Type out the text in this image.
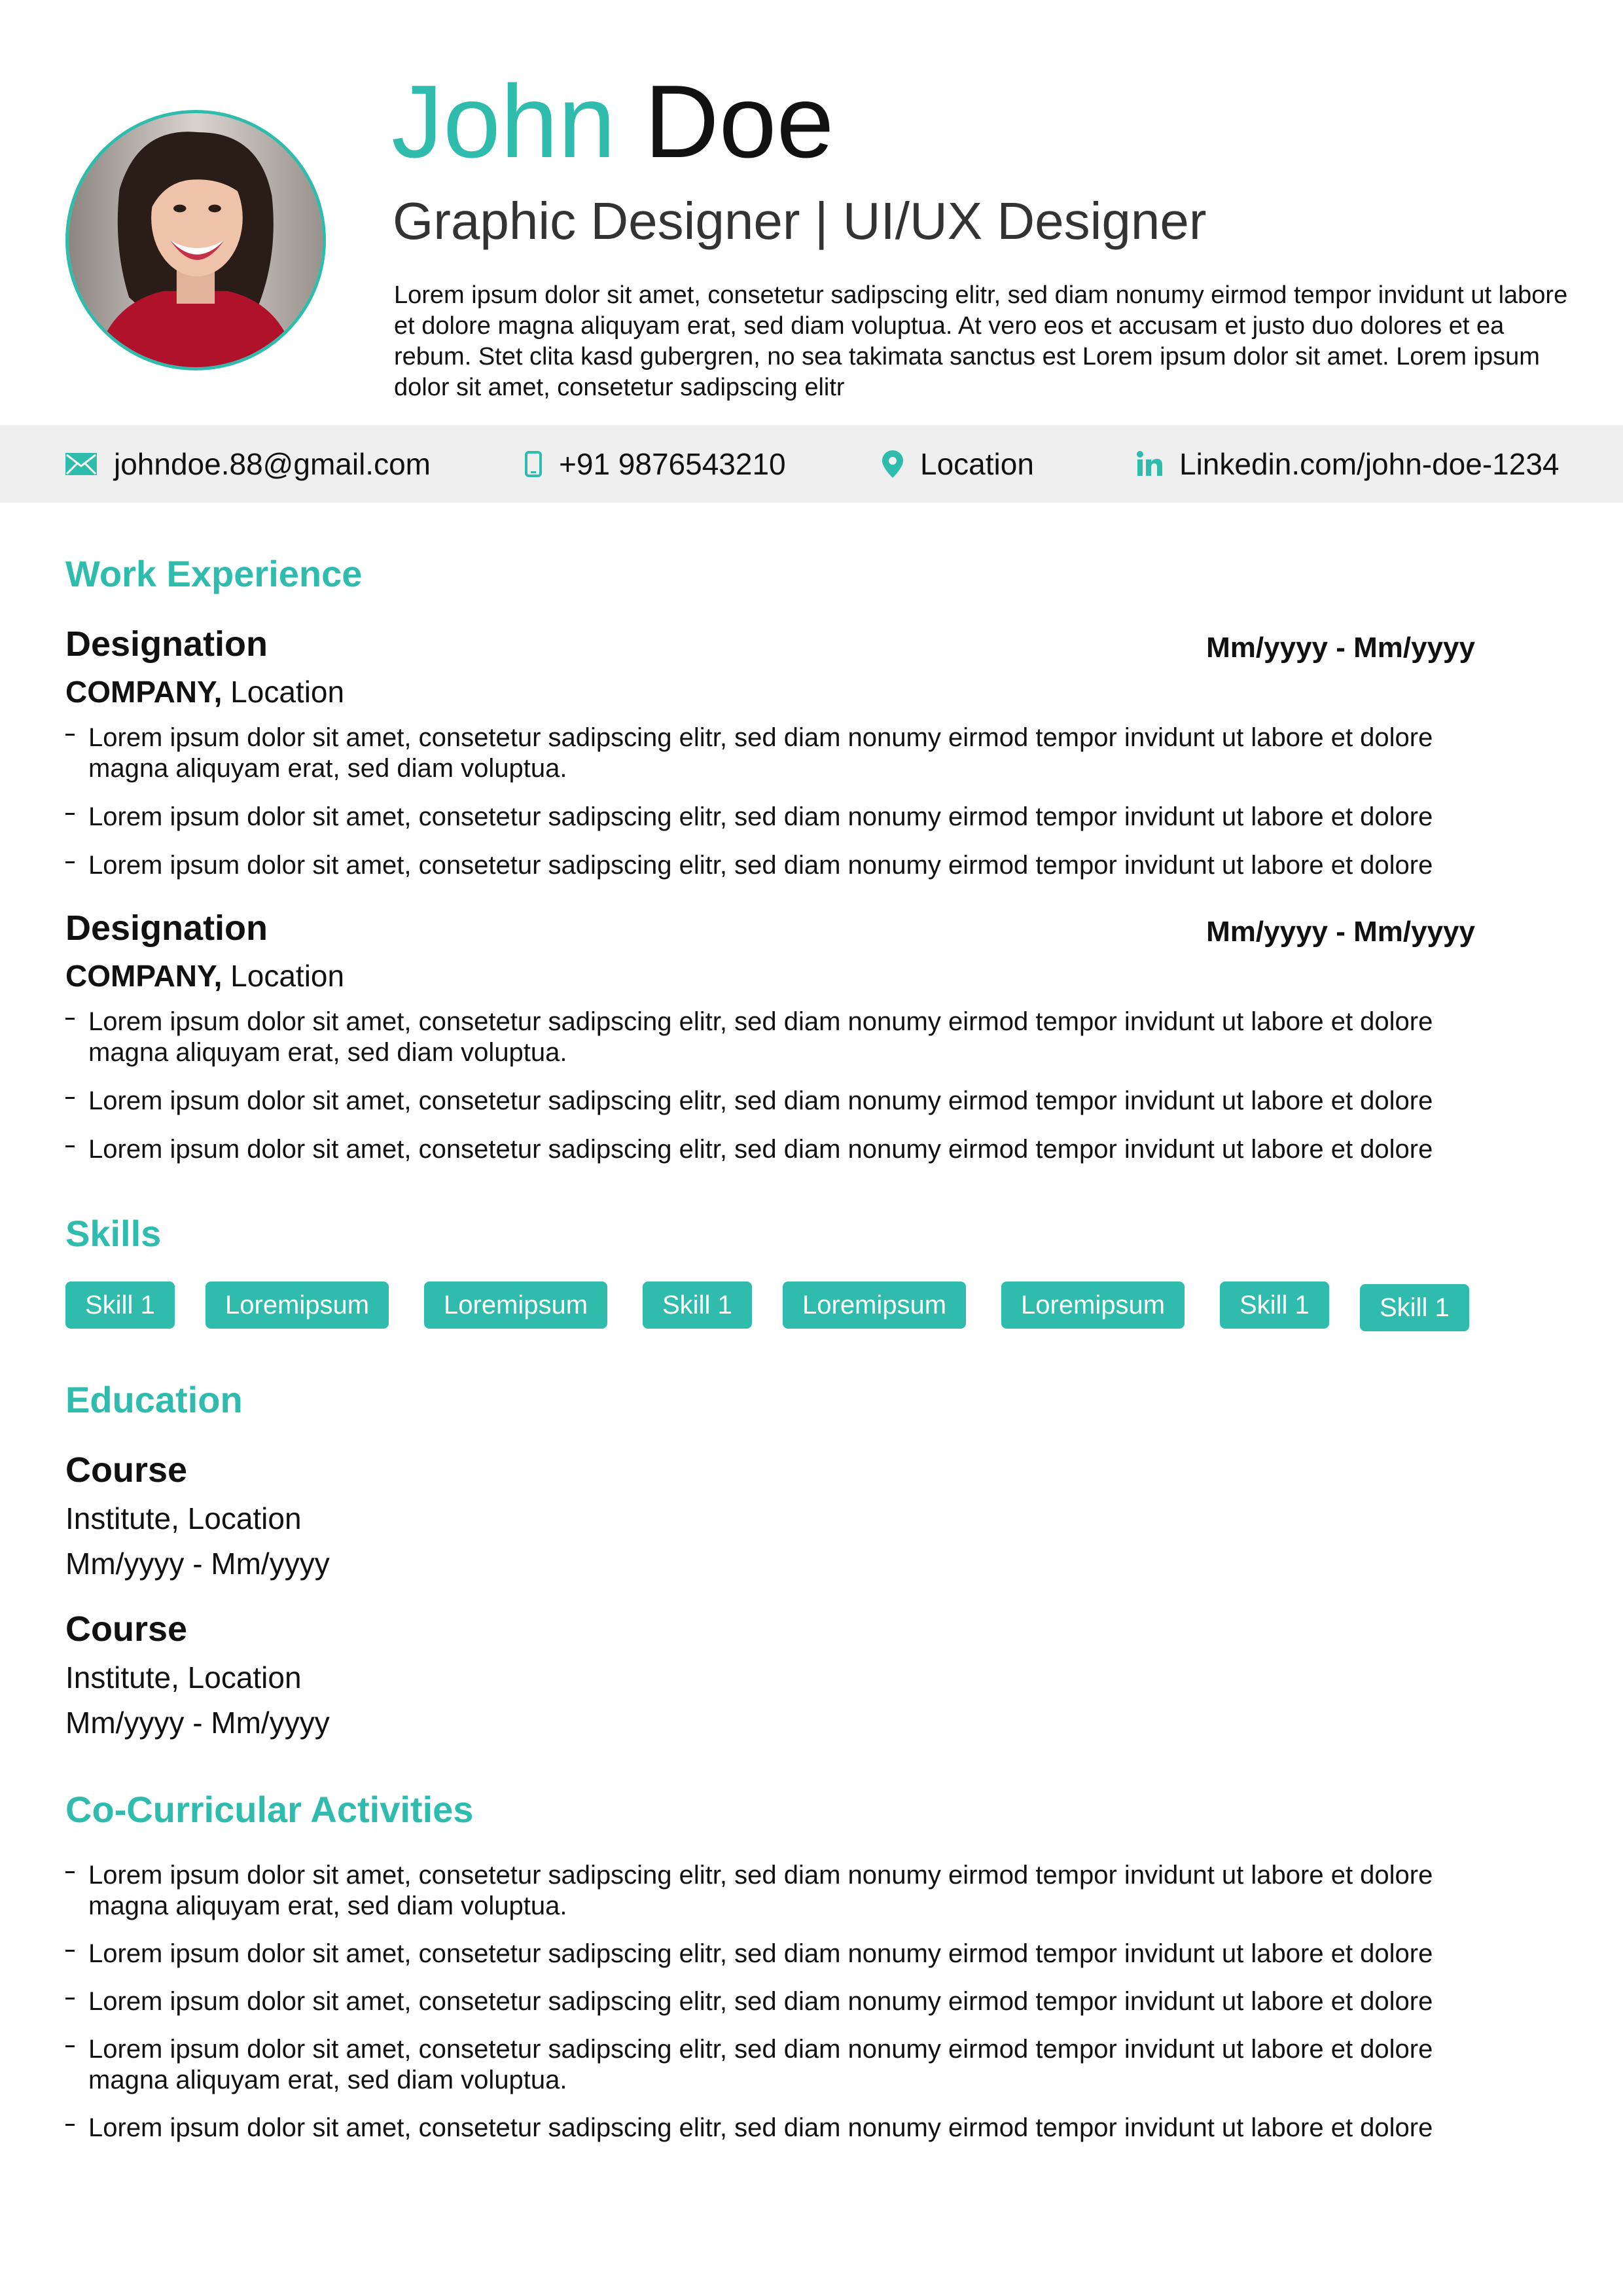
John Doe

Graphic Designer | UI/UX Designer

Lorem ipsum dolor sit amet, consetetur sadipscing elitr, sed diam nonumy eirmod tempor invidunt ut labore et dolore magna aliquyam erat, sed diam voluptua. At vero eos et accusam et justo duo dolores et ea rebum. Stet clita kasd gubergren, no sea takimata sanctus est Lorem ipsum dolor sit amet. Lorem ipsum dolor sit amet, consetetur sadipscing elitr

johndoe.88@gmail.com	+91 9876543210	Location	Linkedin.com/john-doe-1234
Work Experience
Designation	Mm/yyyy - Mm/yyyy
COMPANY, Location
Lorem ipsum dolor sit amet, consetetur sadipscing elitr, sed diam nonumy eirmod tempor invidunt ut labore et dolore magna aliquyam erat, sed diam voluptua.
Lorem ipsum dolor sit amet, consetetur sadipscing elitr, sed diam nonumy eirmod tempor invidunt ut labore et dolore
Lorem ipsum dolor sit amet, consetetur sadipscing elitr, sed diam nonumy eirmod tempor invidunt ut labore et dolore
Designation	Mm/yyyy - Mm/yyyy
COMPANY, Location
Lorem ipsum dolor sit amet, consetetur sadipscing elitr, sed diam nonumy eirmod tempor invidunt ut labore et dolore magna aliquyam erat, sed diam voluptua.
Lorem ipsum dolor sit amet, consetetur sadipscing elitr, sed diam nonumy eirmod tempor invidunt ut labore et dolore
Lorem ipsum dolor sit amet, consetetur sadipscing elitr, sed diam nonumy eirmod tempor invidunt ut labore et dolore
Skills
Skill 1	Loremipsum	Loremipsum	Skill 1	Loremipsum	Loremipsum	Skill 1	Skill 1
Education
Course
Institute, Location
Mm/yyyy - Mm/yyyy
Course
Institute, Location
Mm/yyyy - Mm/yyyy
Co-Curricular Activities
Lorem ipsum dolor sit amet, consetetur sadipscing elitr, sed diam nonumy eirmod tempor invidunt ut labore et dolore magna aliquyam erat, sed diam voluptua.
Lorem ipsum dolor sit amet, consetetur sadipscing elitr, sed diam nonumy eirmod tempor invidunt ut labore et dolore
Lorem ipsum dolor sit amet, consetetur sadipscing elitr, sed diam nonumy eirmod tempor invidunt ut labore et dolore
Lorem ipsum dolor sit amet, consetetur sadipscing elitr, sed diam nonumy eirmod tempor invidunt ut labore et dolore magna aliquyam erat, sed diam voluptua.
Lorem ipsum dolor sit amet, consetetur sadipscing elitr, sed diam nonumy eirmod tempor invidunt ut labore et dolore
